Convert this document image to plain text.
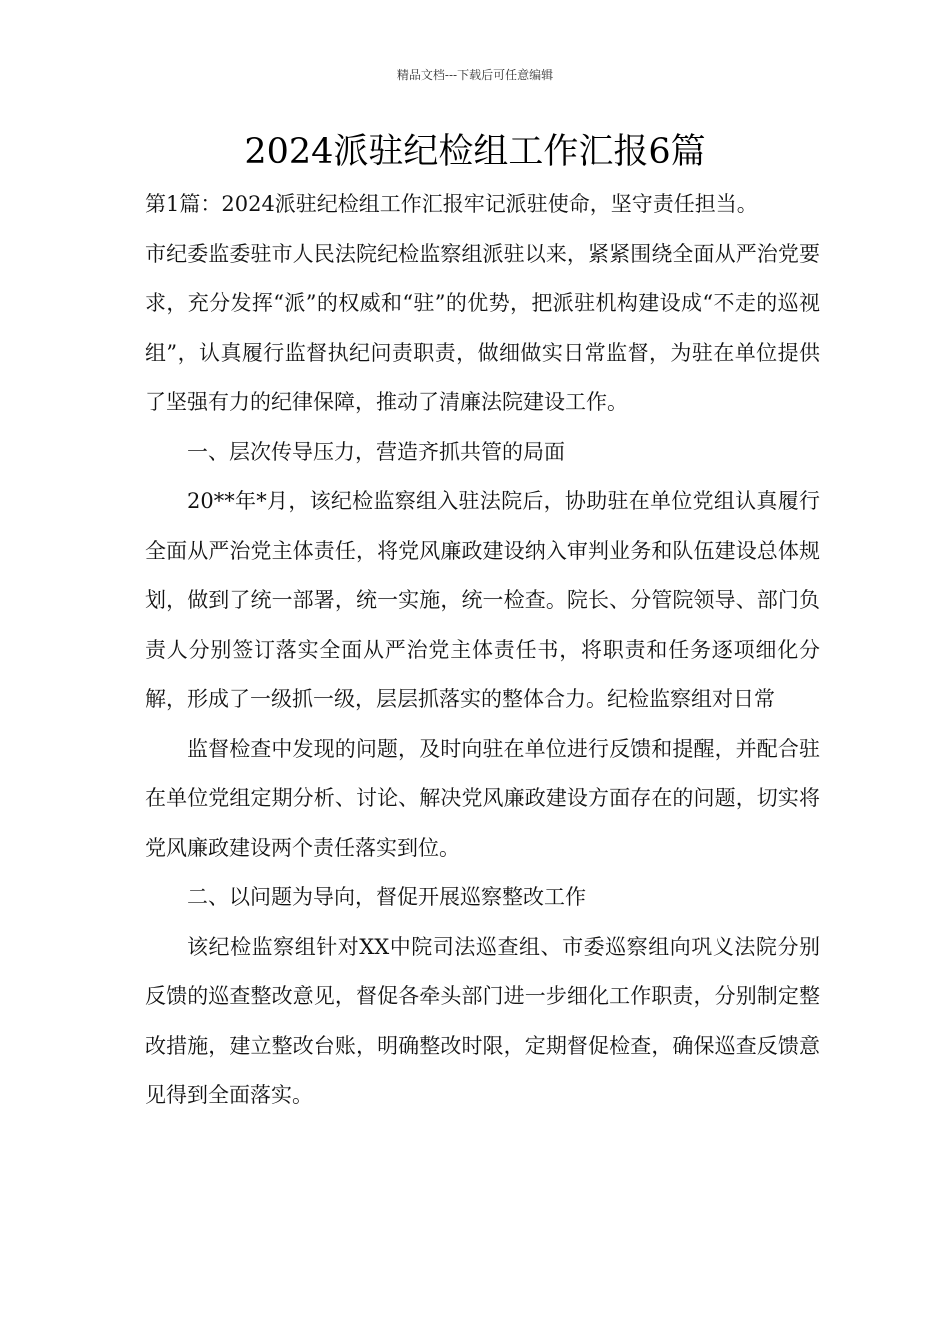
精品文档---下载后可任意编辑
2024派驻纪检组工作汇报6篇

第1篇：2024派驻纪检组工作汇报牢记派驻使命，坚守责任担当。

市纪委监委驻市人民法院纪检监察组派驻以来，紧紧围绕全面从严治党要求，充分发挥“派”的权威和“驻”的优势，把派驻机构建设成“不走的巡视组”，认真履行监督执纪问责职责，做细做实日常监督，为驻在单位提供了坚强有力的纪律保障，推动了清廉法院建设工作。

一、层次传导压力，营造齐抓共管的局面

20**年*月，该纪检监察组入驻法院后，协助驻在单位党组认真履行全面从严治党主体责任，将党风廉政建设纳入审判业务和队伍建设总体规划，做到了统一部署，统一实施，统一检查。院长、分管院领导、部门负责人分别签订落实全面从严治党主体责任书，将职责和任务逐项细化分解，形成了一级抓一级，层层抓落实的整体合力。纪检监察组对日常

监督检查中发现的问题，及时向驻在单位进行反馈和提醒，并配合驻在单位党组定期分析、讨论、解决党风廉政建设方面存在的问题，切实将党风廉政建设两个责任落实到位。

二、以问题为导向，督促开展巡察整改工作

该纪检监察组针对XX中院司法巡查组、市委巡察组向巩义法院分别反馈的巡查整改意见，督促各牵头部门进一步细化工作职责，分别制定整改措施，建立整改台账，明确整改时限，定期督促检查，确保巡查反馈意见得到全面落实。
